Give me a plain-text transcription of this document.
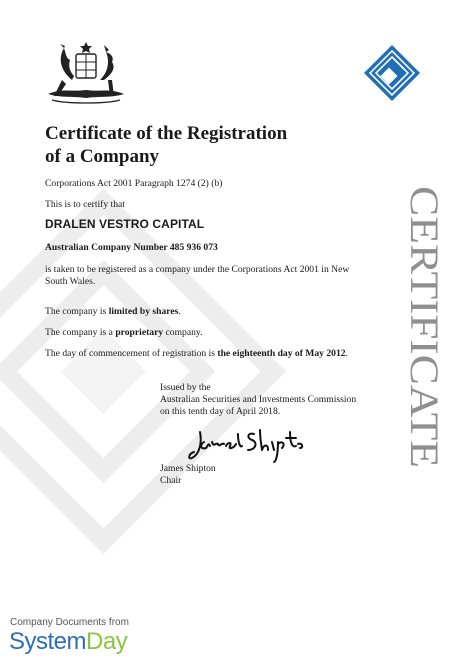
Certificate of the Registration
of a Company
Corporations Act 2001 Paragraph 1274 (2) (b)
This is to certify that
DRALEN VESTRO CAPITAL
Australian Company Number 485 936 073
is taken to be registered as a company under the Corporations Act 2001 in New South Wales.
The company is limited by shares.
The company is a proprietary company.
The day of commencement of registration is the eighteenth day of May 2012.
Issued by the
Australian Securities and Investments Commission
on this tenth day of April 2018.
James Shipton
Chair
CERTIFICATE
Company Documents from
SystemDay
